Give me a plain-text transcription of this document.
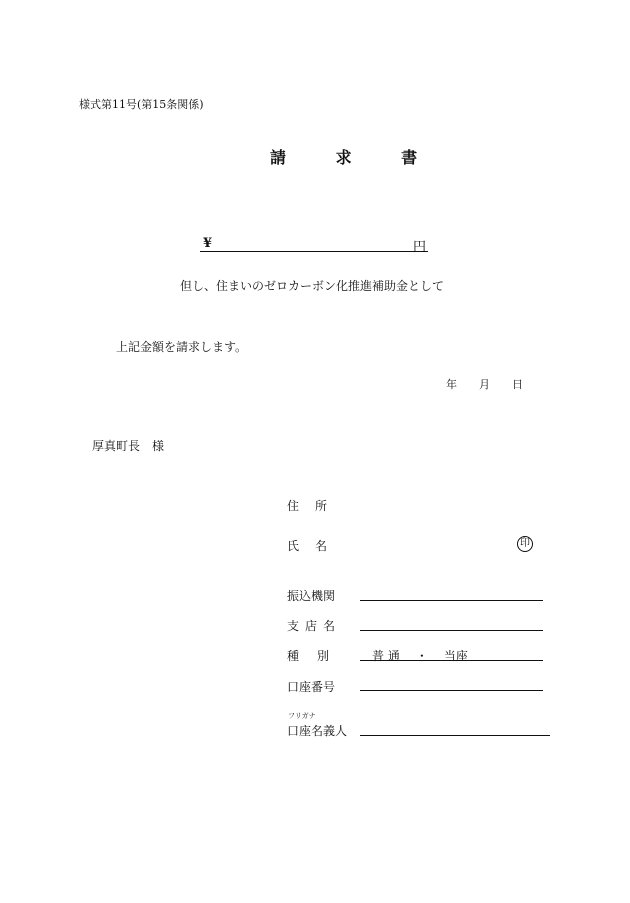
様式第11号(第15条関係)
請 求 書
¥	円
但し、住まいのゼロカーボン化推進補助金として
上記金額を請求します。
年 月 日
厚真町長　様
住所
氏名	印
振込機関
支店名
種別 普 通 ・ 当座
口座番号
フリガナ
口座名義人
